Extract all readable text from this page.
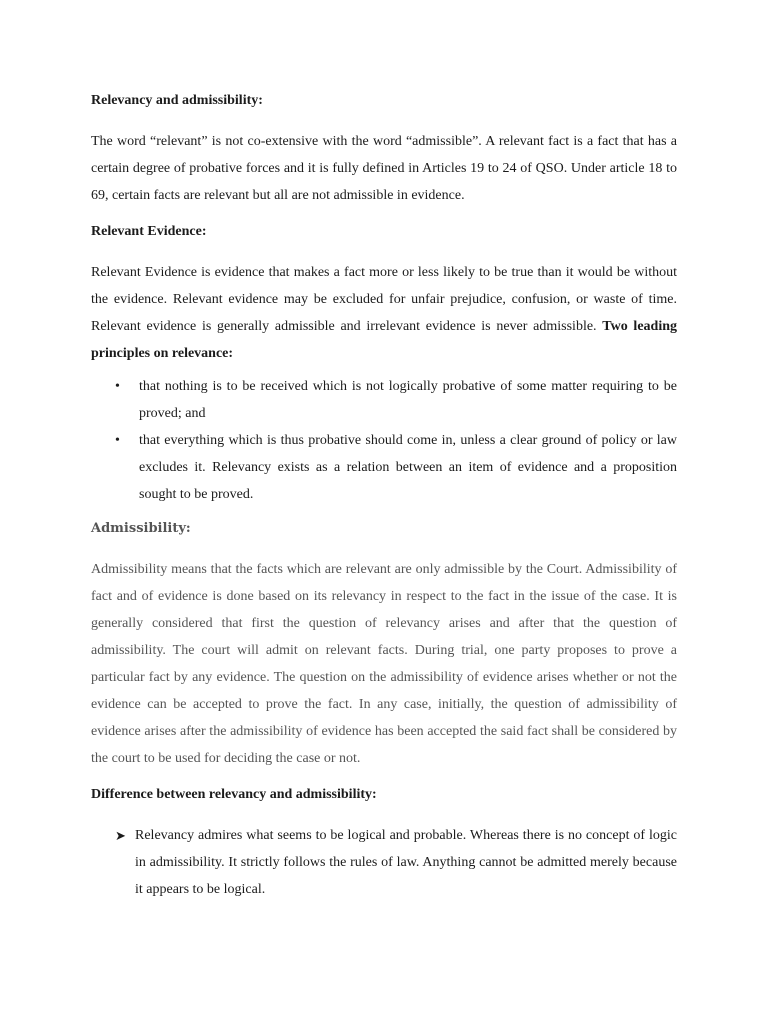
Relevancy and admissibility:

The word “relevant” is not co-extensive with the word “admissible”. A relevant fact is a fact that has a certain degree of probative forces and it is fully defined in Articles 19 to 24 of QSO. Under article 18 to 69, certain facts are relevant but all are not admissible in evidence.

Relevant Evidence:

Relevant Evidence is evidence that makes a fact more or less likely to be true than it would be without the evidence. Relevant evidence may be excluded for unfair prejudice, confusion, or waste of time. Relevant evidence is generally admissible and irrelevant evidence is never admissible. Two leading principles on relevance:

• that nothing is to be received which is not logically probative of some matter requiring to be proved; and
• that everything which is thus probative should come in, unless a clear ground of policy or law excludes it. Relevancy exists as a relation between an item of evidence and a proposition sought to be proved.
Admissibility:

Admissibility means that the facts which are relevant are only admissible by the Court. Admissibility of fact and of evidence is done based on its relevancy in respect to the fact in the issue of the case. It is generally considered that first the question of relevancy arises and after that the question of admissibility. The court will admit on relevant facts. During trial, one party proposes to prove a particular fact by any evidence. The question on the admissibility of evidence arises whether or not the evidence can be accepted to prove the fact. In any case, initially, the question of admissibility of evidence arises after the admissibility of evidence has been accepted the said fact shall be considered by the court to be used for deciding the case or not.

Difference between relevancy and admissibility:
➤ Relevancy admires what seems to be logical and probable. Whereas there is no concept of logic in admissibility. It strictly follows the rules of law. Anything cannot be admitted merely because it appears to be logical.
